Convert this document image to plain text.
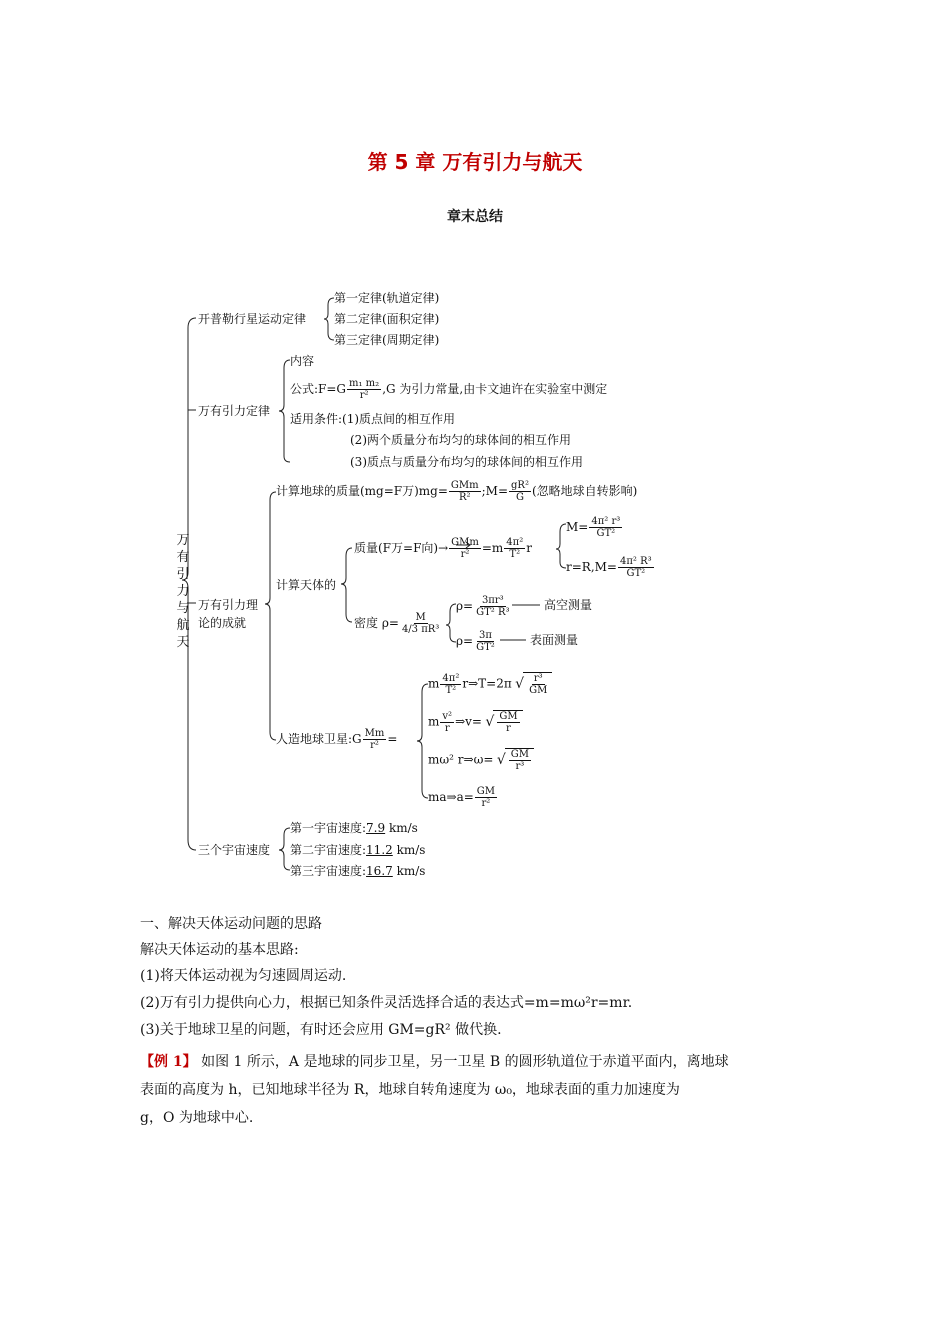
第 5 章 万有引力与航天
章末总结
万有引力与航天
开普勒行星运动定律
第一定律(轨道定律)
第二定律(面积定律)
第三定律(周期定律)
万有引力定律
内容
公式:F=G $\frac{\text{m₁ m₂}}{\text{r²}} ,G$ 为引力常量,由卡文迪许在实验室中测定
适用条件:(1)质点间的相互作用
(2)两个质量分布均匀的球体间的相互作用
(3)质点与质量分布均匀的球体间的相互作用
万有引力理
论的成就
计算地球的质量(mg=F万)$mg= \frac{\text{GMm}}{\text{R²}}$ ;M= $\frac{\text{gR²}}{G}$ (忽略地球自转影响)
计算天体的
质量(F万=F向)→ $\frac{\text{GMm}}{\text{r²}} =m \frac{\text{4π²}}{\text{T²}}$ r
$M= \frac{\text{4π² r³}}{\text{GT²}}$
$r=R,M= \frac{\text{4π² R³}}{\text{GT²}}$
密度 $\rho= \frac{M}{\text{4/3 πR³}}$
$\rho= \frac{\text{3πr³}}{\text{GT² R³}}$	高空测量
$\rho= \frac{3\pi}{\text{GT²}}$	表面测量
人造地球卫星:G $\frac{Mm}{\text{r²}}$ =
m $\frac{\text{4π²}}{\text{T²}}$ r⇒T=2π √ $\frac{\text{r³}}{GM}$
m $\frac{\text{v²}}{r}$ ⇒v= √ $\frac{GM}{r}$
mω² r⇒ω= √ $\frac{GM}{\text{r³}}$
ma⇒a= $\frac{GM}{\text{r²}}$
三个宇宙速度
第一宇宙速度:7.9 km/s
第二宇宙速度:11.2 km/s
第三宇宙速度:16.7 km/s
一、解决天体运动问题的思路
解决天体运动的基本思路:
(1)将天体运动视为匀速圆周运动.
(2)万有引力提供向心力，根据已知条件灵活选择合适的表达式=m=mω²r=mr.
(3)关于地球卫星的问题，有时还会应用 GM=gR² 做代换.
【例 1】 如图 1 所示，A 是地球的同步卫星，另一卫星 B 的圆形轨道位于赤道平面内，离地球
表面的高度为 h，已知地球半径为 R，地球自转角速度为 ω₀，地球表面的重力加速度为
g，O 为地球中心.
